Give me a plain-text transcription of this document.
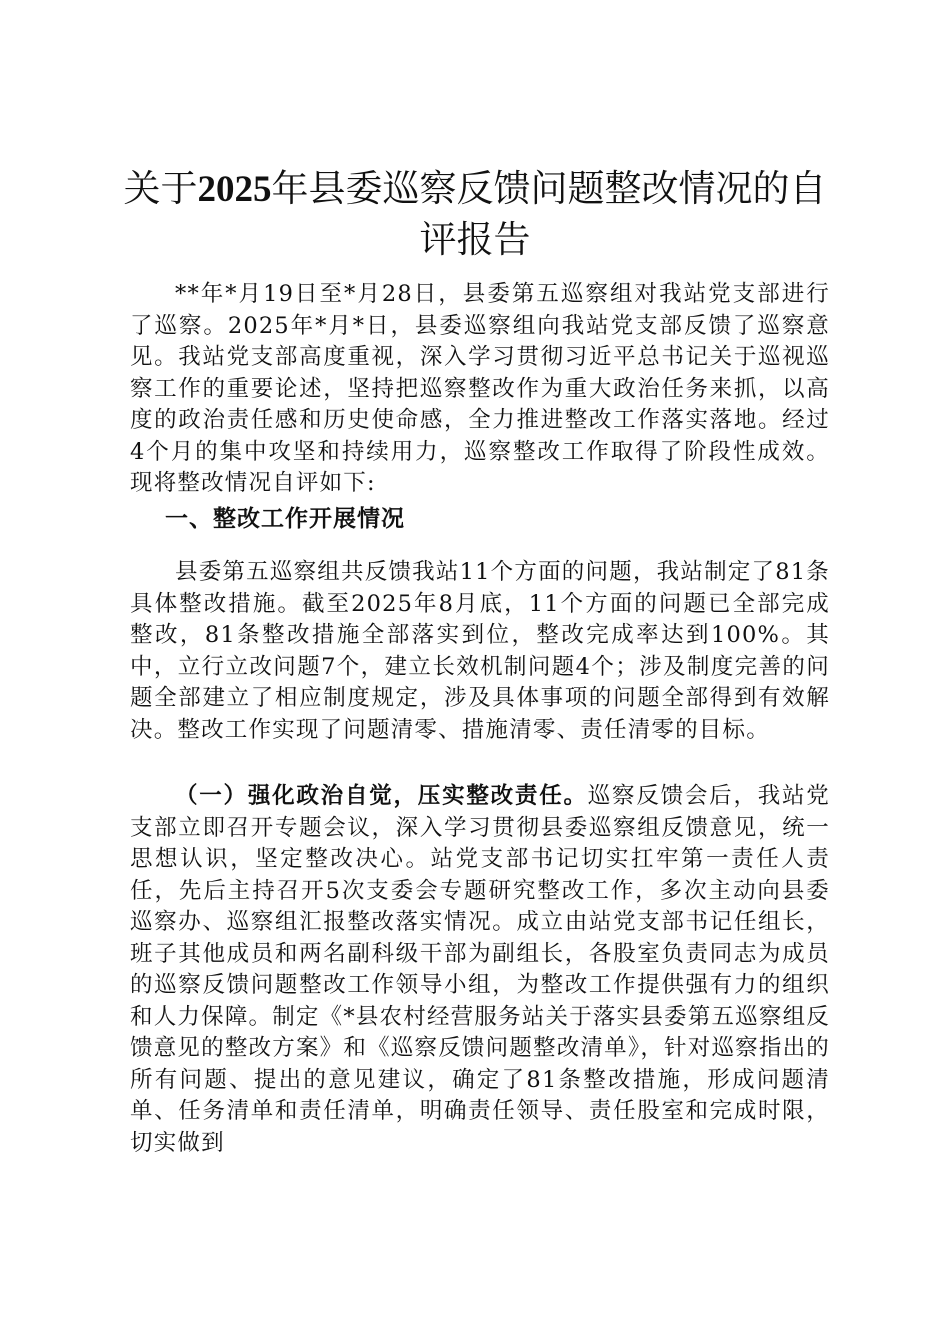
关于2025年县委巡察反馈问题整改情况的自评报告

**年*月19日至*月28日，县委第五巡察组对我站党支部进行了巡察。2025年*月*日，县委巡察组向我站党支部反馈了巡察意见。我站党支部高度重视，深入学习贯彻习近平总书记关于巡视巡察工作的重要论述，坚持把巡察整改作为重大政治任务来抓，以高度的政治责任感和历史使命感，全力推进整改工作落实落地。经过4个月的集中攻坚和持续用力，巡察整改工作取得了阶段性成效。现将整改情况自评如下:

一、整改工作开展情况

县委第五巡察组共反馈我站11个方面的问题，我站制定了81条具体整改措施。截至2025年8月底，11个方面的问题已全部完成整改，81条整改措施全部落实到位，整改完成率达到100%。其中，立行立改问题7个，建立长效机制问题4个；涉及制度完善的问题全部建立了相应制度规定，涉及具体事项的问题全部得到有效解决。整改工作实现了问题清零、措施清零、责任清零的目标。

（一）强化政治自觉，压实整改责任。巡察反馈会后，我站党支部立即召开专题会议，深入学习贯彻县委巡察组反馈意见，统一思想认识，坚定整改决心。站党支部书记切实扛牢第一责任人责任，先后主持召开5次支委会专题研究整改工作，多次主动向县委巡察办、巡察组汇报整改落实情况。成立由站党支部书记任组长，班子其他成员和两名副科级干部为副组长，各股室负责同志为成员的巡察反馈问题整改工作领导小组，为整改工作提供强有力的组织和人力保障。制定《*县农村经营服务站关于落实县委第五巡察组反馈意见的整改方案》和《巡察反馈问题整改清单》，针对巡察指出的所有问题、提出的意见建议，确定了81条整改措施，形成问题清单、任务清单和责任清单，明确责任领导、责任股室和完成时限，切实做到
